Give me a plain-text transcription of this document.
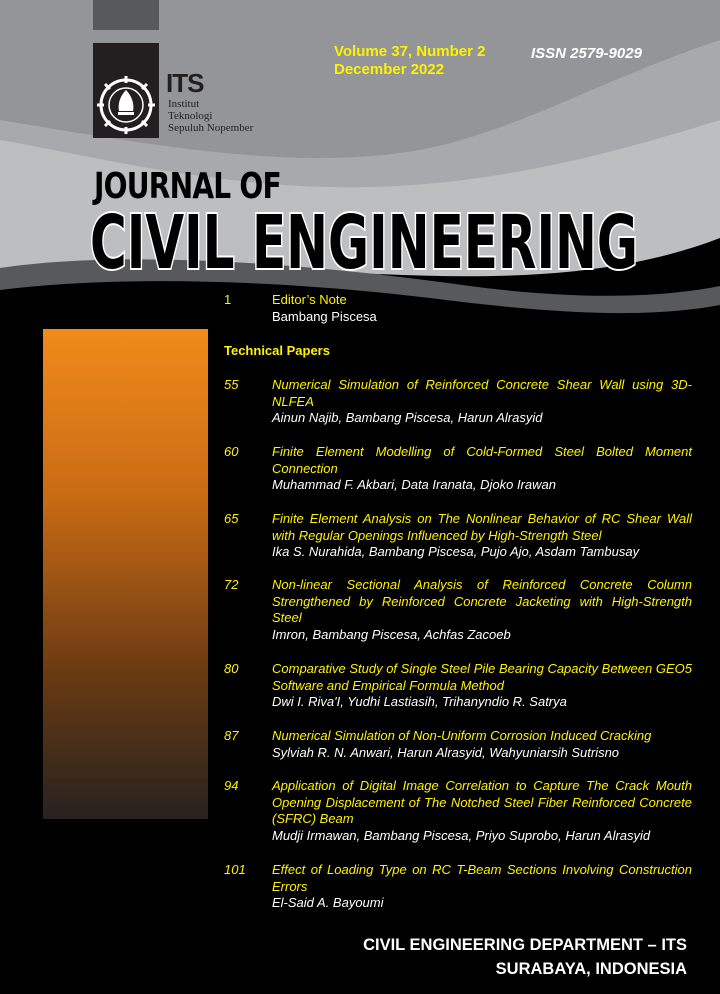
ITS
Institut
Teknologi
Sepuluh Nopember
Volume 37, Number 2
December 2022
ISSN 2579-9029
JOURNAL OF
CIVIL ENGINEERING
1	Editor’s Note
Bambang Piscesa
Technical Papers
55	Numerical Simulation of Reinforced Concrete Shear Wall using 3D-NLFEA
Ainun Najib, Bambang Piscesa, Harun Alrasyid
60	Finite Element Modelling of Cold-Formed Steel Bolted Moment Connection
Muhammad F. Akbari, Data Iranata, Djoko Irawan
65	Finite Element Analysis on The Nonlinear Behavior of RC Shear Wall with Regular Openings Influenced by High-Strength Steel
Ika S. Nurahida, Bambang Piscesa, Pujo Ajo, Asdam Tambusay
72	Non-linear Sectional Analysis of Reinforced Concrete Column Strengthened by Reinforced Concrete Jacketing with High-Strength Steel
Imron, Bambang Piscesa, Achfas Zacoeb
80	Comparative Study of Single Steel Pile Bearing Capacity Between GEO5 Software and Empirical Formula Method
Dwi I. Riva'I, Yudhi Lastiasih, Trihanyndio R. Satrya
87	Numerical Simulation of Non-Uniform Corrosion Induced Cracking
Sylviah R. N. Anwari, Harun Alrasyid, Wahyuniarsih Sutrisno
94	Application of Digital Image Correlation to Capture The Crack Mouth Opening Displacement of The Notched Steel Fiber Reinforced Concrete (SFRC) Beam
Mudji Irmawan, Bambang Piscesa, Priyo Suprobo, Harun Alrasyid
101	Effect of Loading Type on RC T-Beam Sections Involving Construction Errors
El-Said A. Bayoumi
CIVIL ENGINEERING DEPARTMENT – ITS
SURABAYA, INDONESIA
